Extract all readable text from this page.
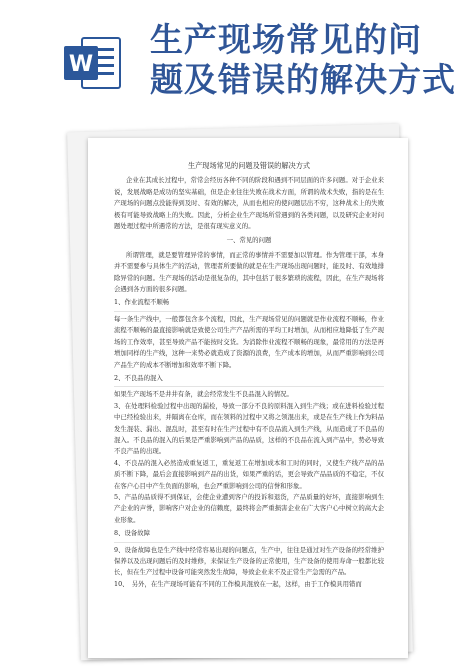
W
生产现场常见的问
题及错误的解决方式

生产现场常见的问题及错误的解决方式

企业在其成长过程中，常常会经历各种不同的阶段和遇到不同层面的许多问题。对于企业来说，发展战略是成功的坚实基础，但是企业往往失败在战术方面，所谓的战术失败，指的是在生产现场的问题点没能得到及时、有效的解决，从而也相应的使问题层出不穷，这种战术上的失败极有可能导致战略上的失败。因此，分析企业生产现场所常遇到的各类问题，以及研究企业对问题处理过程中所遇常的方法，是很有现实意义的。

一、常见的问题

所谓管理，就是要管理异常的事情，而正常的事情并不需要加以管理。作为管理干部，本身并不需要参与具体生产的活动，管理者所要做的就是在生产现场出现问题时，能及时、有效地排除异常的问题。生产现场的活动是很复杂的，其中包括了很多繁琐的流程，因此，在生产现场将会遇到各方面的很多问题。

1、作业流程不顺畅

每一条生产线中，一般都包含多个流程，因此，生产现场常见的问题就是作业流程不顺畅，作业流程不顺畅的最直接影响就是致使公司生产产品所需的平均工时增加，从而相应地降低了生产现场的工作效率，甚至导致产品不能按时交货。为消除作业流程不顺畅的现象，最常用的方法是再增加同样的生产线，这种一来势必就造成了资源的浪费，生产成本的增加，从而严重影响到公司产品生产的成本不断增加和效率不断下降。

2、不良品的混入

如果生产现场不是井井有条，就会经常发生不良品混入的情况。

3、在处理料检验过程中出现的漏检，导致一部分不良的原料混入到生产线；或在进料检验过程中已经检验出来，并隔离在仓库，而在领料的过程中又将之领混出来，或是在生产线上作为料品发生混装、漏出、混乱时，甚至有时在生产过程中有不良品流入到生产线，从而造成了不良品的混入。不良品的混入的后果是严重影响到产品的品质，这样的不良品在流入到产品中，势必导致不良产品的出现。

4、不良品的混入必然造成重复返工，重复返工在增加成本和工时的同时，又使生产线产品的品质不断下降，最后会直接影响到产品的出货，如果严重的话，更会导致产品品质的不稳定，不仅在客户心目中产生负面的影响，也会严重影响到公司的信誉和形象。

5、产品的品质得不到保证，会使企业遭到客户的投诉和退货，产品质量的好坏，直接影响到生产企业的声誉，影响客户对企业的信赖度，最终将会严重损害企业在广大客户心中树立的高大企业形象。

8、设备故障

9、设备故障也是生产线中经常容易出现的问题点，生产中，往往是通过对生产设备的经常维护保养以及出现问题后的及时维修，来保证生产设备的正常使用，生产设备的使用寿命一般都比较长，但在生产过程中设备可能突然发生故障，导致企业来不及正常生产急需的产品。

10、　另外，在生产现场可能有不同的工作模具混放在一起，这样，由于工作模具用错而
